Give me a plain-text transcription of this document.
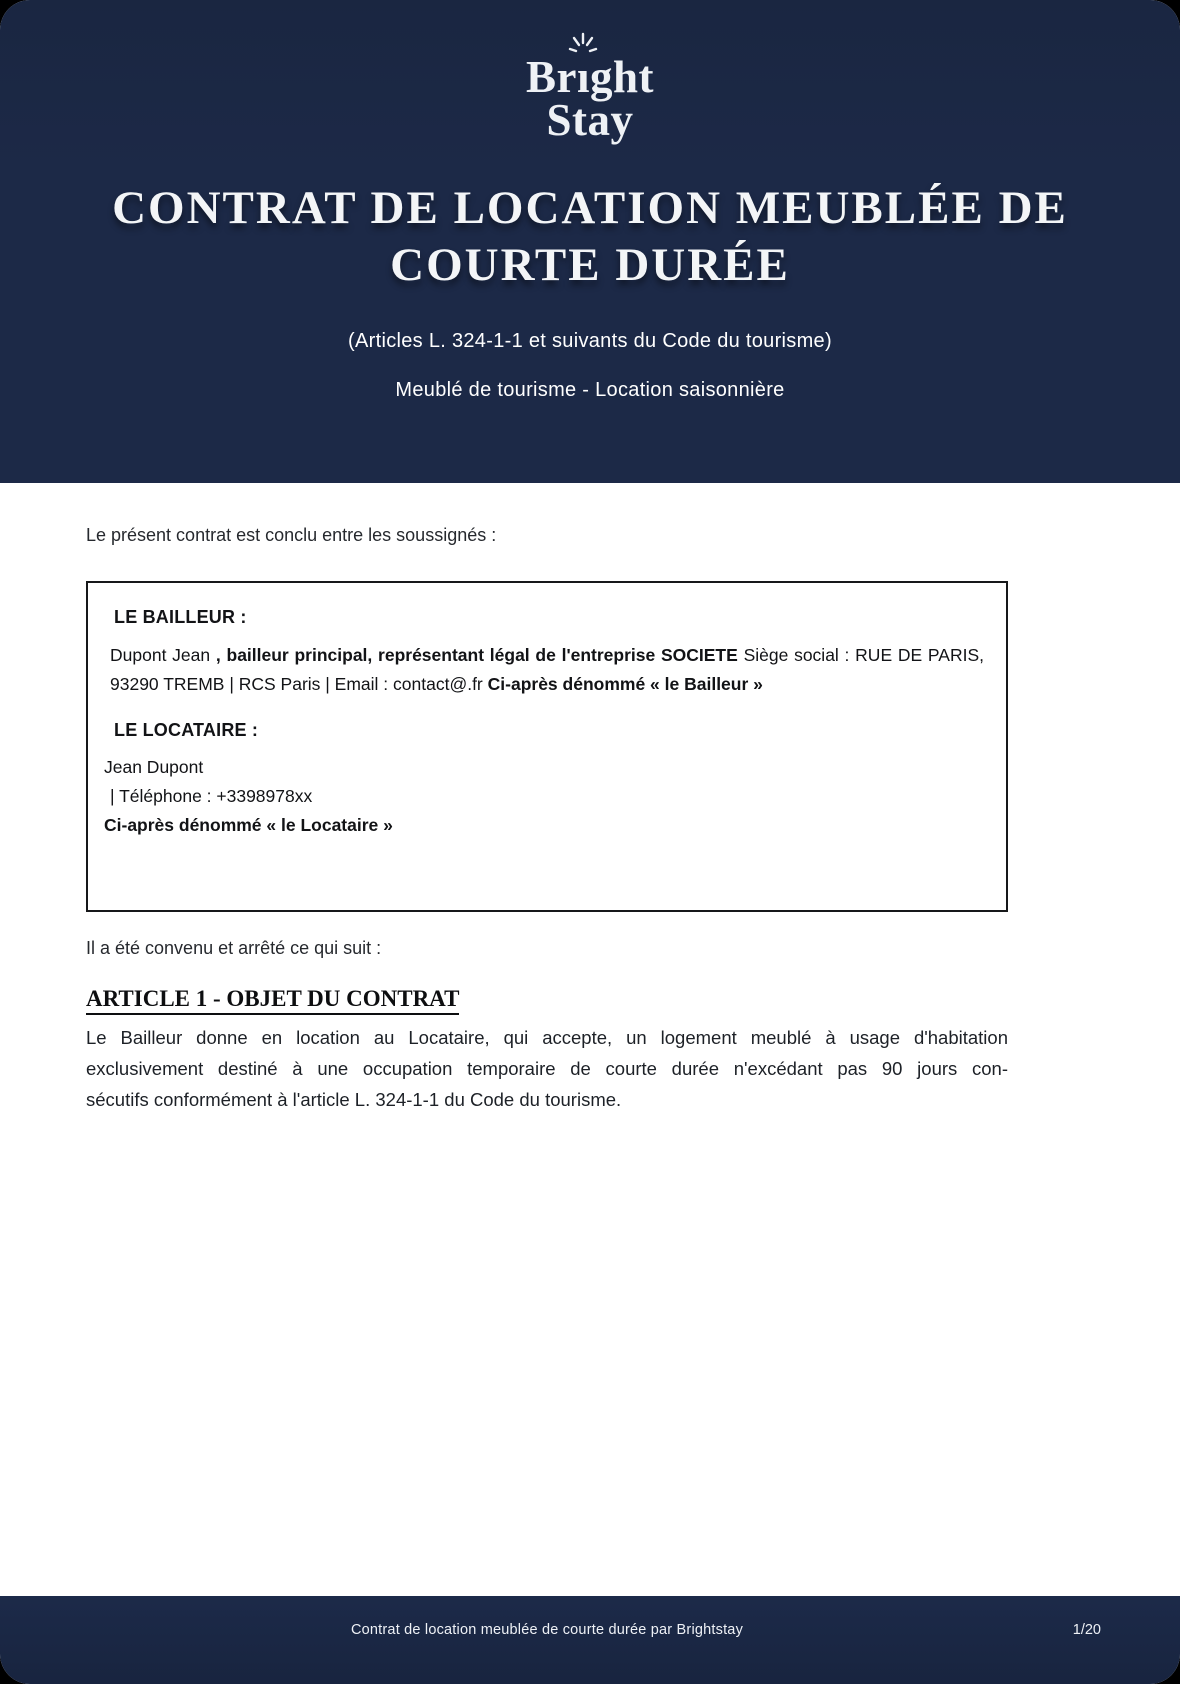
Br
ıght
Stay
CONTRAT DE LOCATION MEUBLÉE DE
COURTE DURÉE

(Articles L. 324-1-1 et suivants du Code du tourisme)

Meublé de tourisme - Location saisonnière

Le présent contrat est conclu entre les soussignés :

LE BAILLEUR :

Dupont Jean , bailleur principal, représentant légal de l'entreprise SOCIETE Siège social : RUE DE PARIS, 93290 TREMB | RCS Paris | Email : contact@.fr Ci-après dénommé « le Bailleur »

LE LOCATAIRE :
Jean Dupont
| Téléphone : +3398978xx
Ci-après dénommé « le Locataire »

Il a été convenu et arrêté ce qui suit :

ARTICLE 1 - OBJET DU CONTRAT
Le Bailleur donne en location au Locataire, qui accepte, un logement meublé à usage d'habitation
exclusivement destiné à une occupation temporaire de courte durée n'excédant pas 90 jours con-
sécutifs conformément à l'article L. 324-1-1 du Code du tourisme.
Contrat de location meublée de courte durée par Brightstay	1/20
